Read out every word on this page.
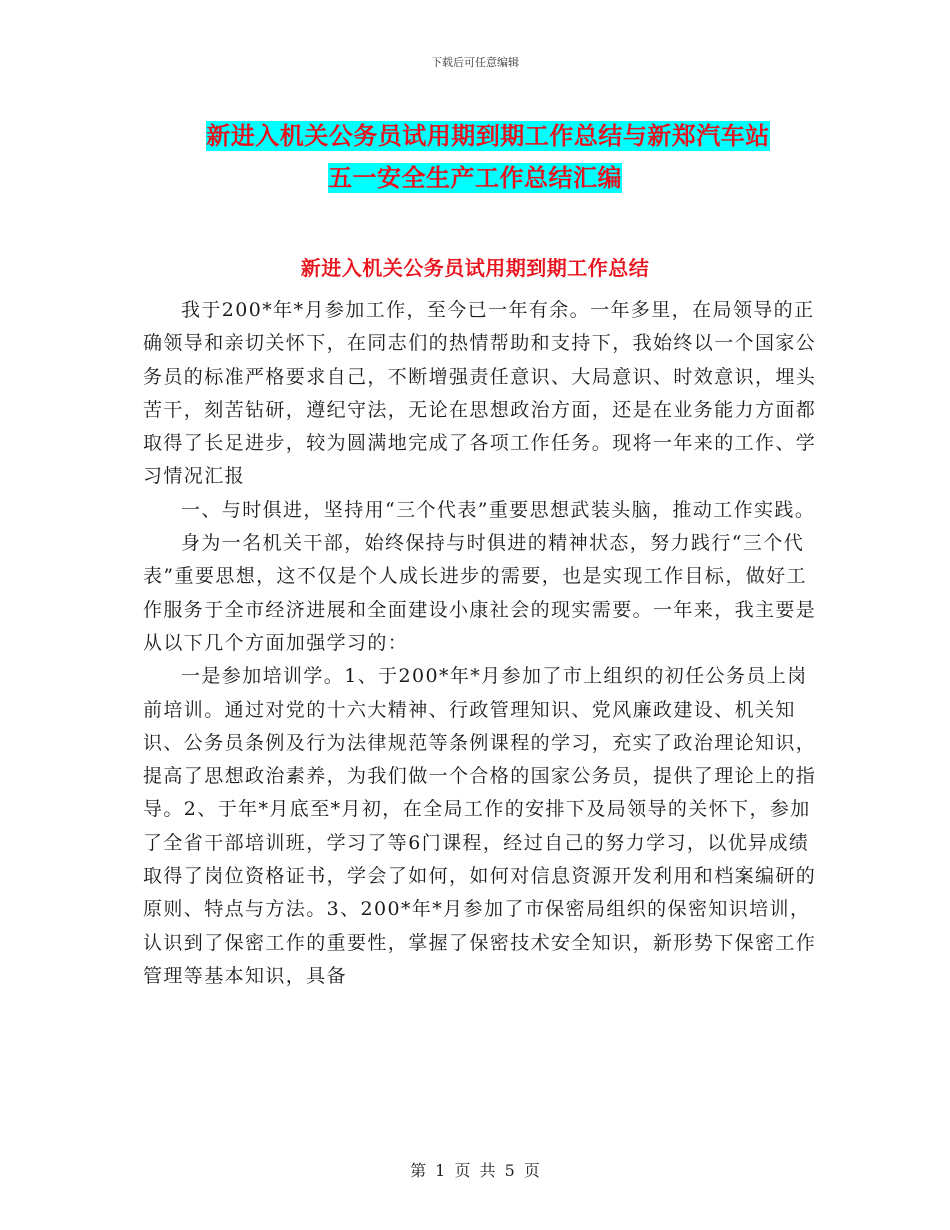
下载后可任意编辑
新进入机关公务员试用期到期工作总结与新郑汽车站
五一安全生产工作总结汇编
新进入机关公务员试用期到期工作总结

我于200*年*月参加工作，至今已一年有余。一年多里，在局领导的正确领导和亲切关怀下，在同志们的热情帮助和支持下，我始终以一个国家公务员的标准严格要求自己，不断增强责任意识、大局意识、时效意识，埋头苦干，刻苦钻研，遵纪守法，无论在思想政治方面，还是在业务能力方面都取得了长足进步，较为圆满地完成了各项工作任务。现将一年来的工作、学习情况汇报

一、与时俱进，坚持用“三个代表”重要思想武装头脑，推动工作实践。

身为一名机关干部，始终保持与时俱进的精神状态，努力践行“三个代表”重要思想，这不仅是个人成长进步的需要，也是实现工作目标，做好工作服务于全市经济进展和全面建设小康社会的现实需要。一年来，我主要是从以下几个方面加强学习的：

一是参加培训学。1、于200*年*月参加了市上组织的初任公务员上岗前培训。通过对党的十六大精神、行政管理知识、党风廉政建设、机关知识、公务员条例及行为法律规范等条例课程的学习，充实了政治理论知识，提高了思想政治素养，为我们做一个合格的国家公务员，提供了理论上的指导。2、于年*月底至*月初，在全局工作的安排下及局领导的关怀下，参加了全省干部培训班，学习了等6门课程，经过自己的努力学习，以优异成绩取得了岗位资格证书，学会了如何，如何对信息资源开发利用和档案编研的原则、特点与方法。3、200*年*月参加了市保密局组织的保密知识培训，认识到了保密工作的重要性，掌握了保密技术安全知识，新形势下保密工作管理等基本知识，具备

第 1 页 共 5 页
